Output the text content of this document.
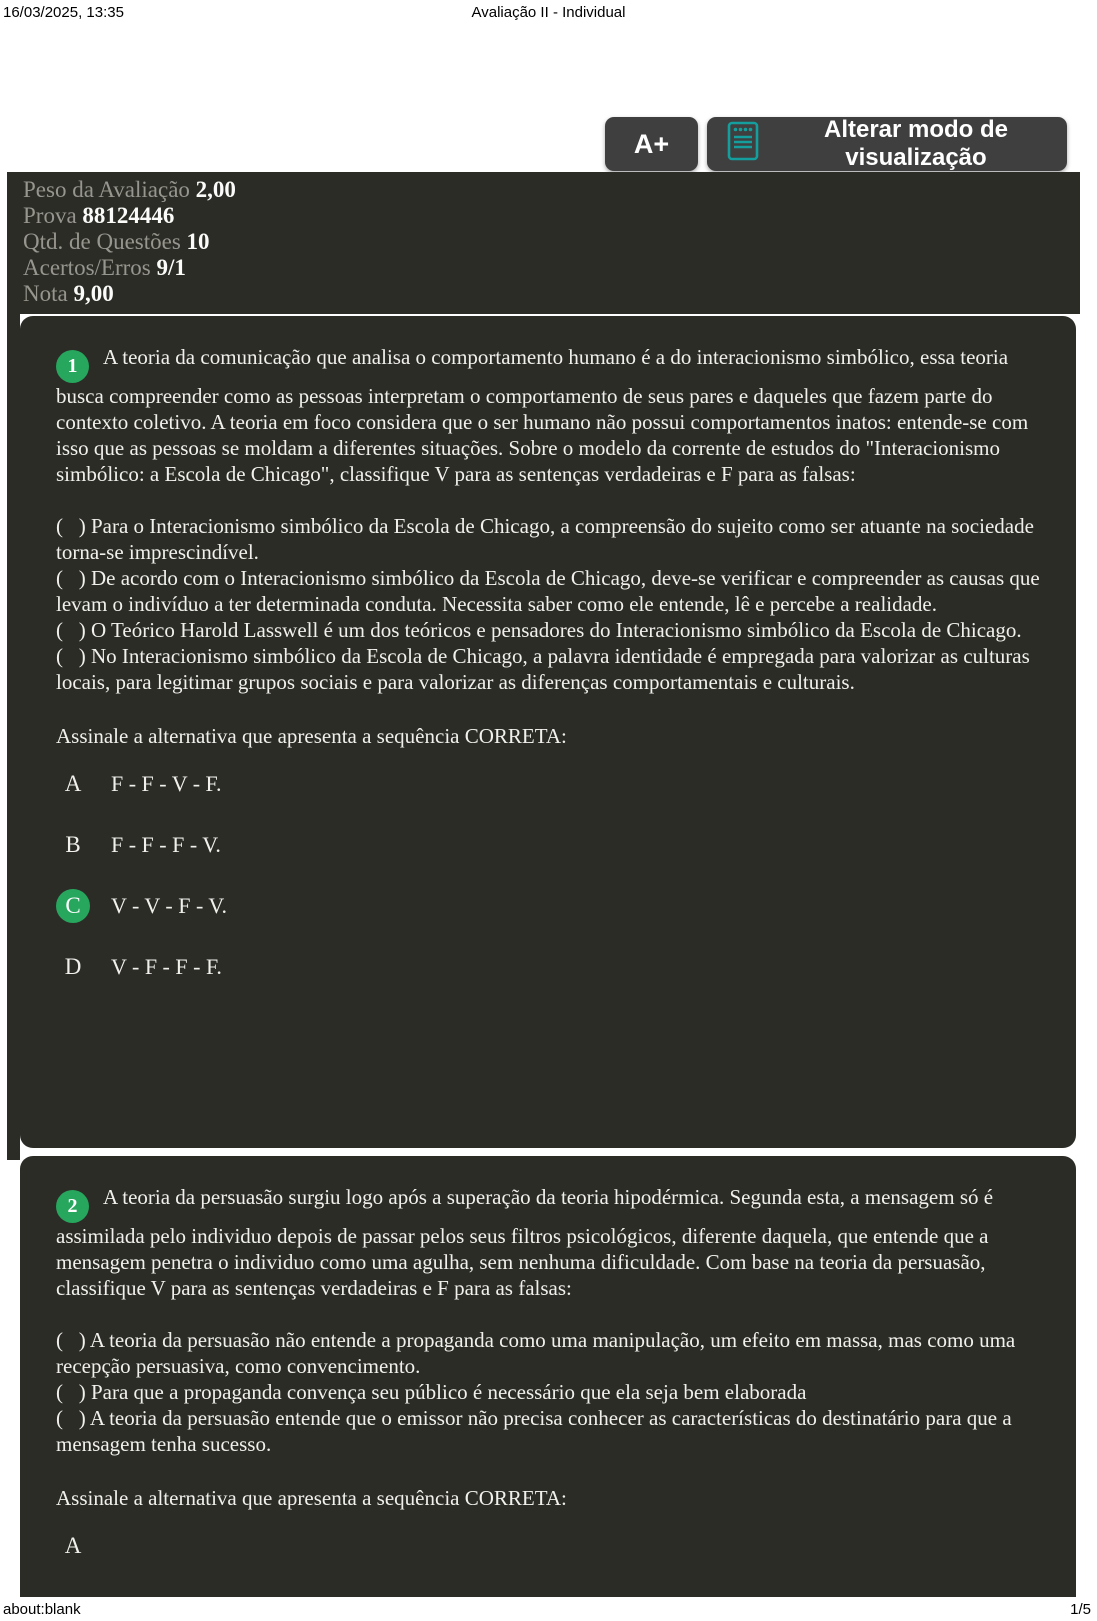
16/03/2025, 13:35	Avaliação II - Individual
A+	Alterar modo de visualização
Peso da Avaliação 2,00
Prova 88124446
Qtd. de Questões 10
Acertos/Erros 9/1
Nota 9,00

1 A teoria da comunicação que analisa o comportamento humano é a do interacionismo simbólico, essa teoria busca compreender como as pessoas interpretam o comportamento de seus pares e daqueles que fazem parte do contexto coletivo. A teoria em foco considera que o ser humano não possui comportamentos inatos: entende-se com isso que as pessoas se moldam a diferentes situações. Sobre o modelo da corrente de estudos do "Interacionismo simbólico: a Escola de Chicago", classifique V para as sentenças verdadeiras e F para as falsas:

(   ) Para o Interacionismo simbólico da Escola de Chicago, a compreensão do sujeito como ser atuante na sociedade torna-se imprescindível.

(   ) De acordo com o Interacionismo simbólico da Escola de Chicago, deve-se verificar e compreender as causas que levam o indivíduo a ter determinada conduta. Necessita saber como ele entende, lê e percebe a realidade.

(   ) O Teórico Harold Lasswell é um dos teóricos e pensadores do Interacionismo simbólico da Escola de Chicago.

(   ) No Interacionismo simbólico da Escola de Chicago, a palavra identidade é empregada para valorizar as culturas locais, para legitimar grupos sociais e para valorizar as diferenças comportamentais e culturais.

Assinale a alternativa que apresenta a sequência CORRETA:

A	F - F - V - F.
B	F - F - F - V.
C	V - V - F - V.
D	V - F - F - F.

2 A teoria da persuasão surgiu logo após a superação da teoria hipodérmica. Segunda esta, a mensagem só é assimilada pelo individuo depois de passar pelos seus filtros psicológicos, diferente daquela, que entende que a mensagem penetra o individuo como uma agulha, sem nenhuma dificuldade. Com base na teoria da persuasão, classifique V para as sentenças verdadeiras e F para as falsas:

(   ) A teoria da persuasão não entende a propaganda como uma manipulação, um efeito em massa, mas como uma recepção persuasiva, como convencimento.

(   ) Para que a propaganda convença seu público é necessário que ela seja bem elaborada

(   ) A teoria da persuasão entende que o emissor não precisa conhecer as características do destinatário para que a mensagem tenha sucesso.

Assinale a alternativa que apresenta a sequência CORRETA:

A
about:blank	1/5
